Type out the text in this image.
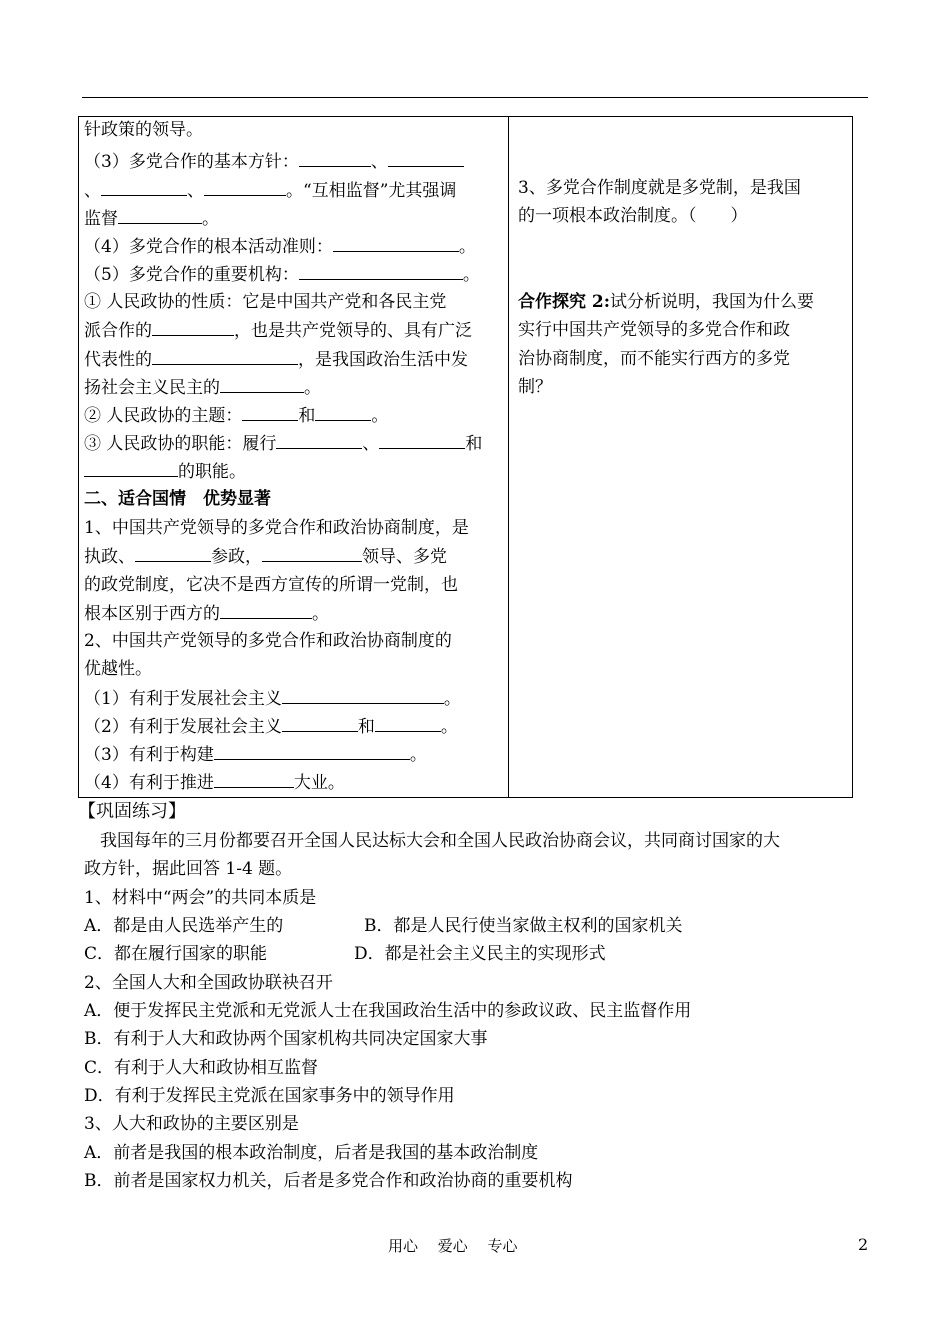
针政策的领导。
（3）多党合作的基本方针：	、
、	、	。“互相监督”尤其强调
监督	。
（4）多党合作的根本活动准则：	。
（5）多党合作的重要机构：	。
① 人民政协的性质：它是中国共产党和各民主党
派合作的	，也是共产党领导的、具有广泛
代表性的	，是我国政治生活中发
扬社会主义民主的	。
② 人民政协的主题：	和	。
③ 人民政协的职能：履行	、	和
的职能。
二、适合国情　优势显著
1、中国共产党领导的多党合作和政治协商制度，是
执政、	参政，	领导、多党
的政党制度，它决不是西方宣传的所谓一党制，也
根本区别于西方的	。
2、中国共产党领导的多党合作和政治协商制度的
优越性。
（1）有利于发展社会主义	。
（2）有利于发展社会主义	和	。
（3）有利于构建	。
（4）有利于推进	大业。
3、多党合作制度就是多党制，是我国
的一项根本政治制度。（　　）
合作探究 2:试分析说明，我国为什么要
实行中国共产党领导的多党合作和政
治协商制度，而不能实行西方的多党
制？
【巩固练习】
我国每年的三月份都要召开全国人民达标大会和全国人民政治协商会议，共同商讨国家的大
政方针，据此回答 1-4 题。
1、材料中“两会”的共同本质是
A．都是由人民选举产生的	B．都是人民行使当家做主权利的国家机关
C．都在履行国家的职能	D．都是社会主义民主的实现形式
2、全国人大和全国政协联袂召开
A．便于发挥民主党派和无党派人士在我国政治生活中的参政议政、民主监督作用
B．有利于人大和政协两个国家机构共同决定国家大事
C．有利于人大和政协相互监督
D．有利于发挥民主党派在国家事务中的领导作用
3、人大和政协的主要区别是
A．前者是我国的根本政治制度，后者是我国的基本政治制度
B．前者是国家权力机关，后者是多党合作和政治协商的重要机构
用心　 爱心　 专心	2
